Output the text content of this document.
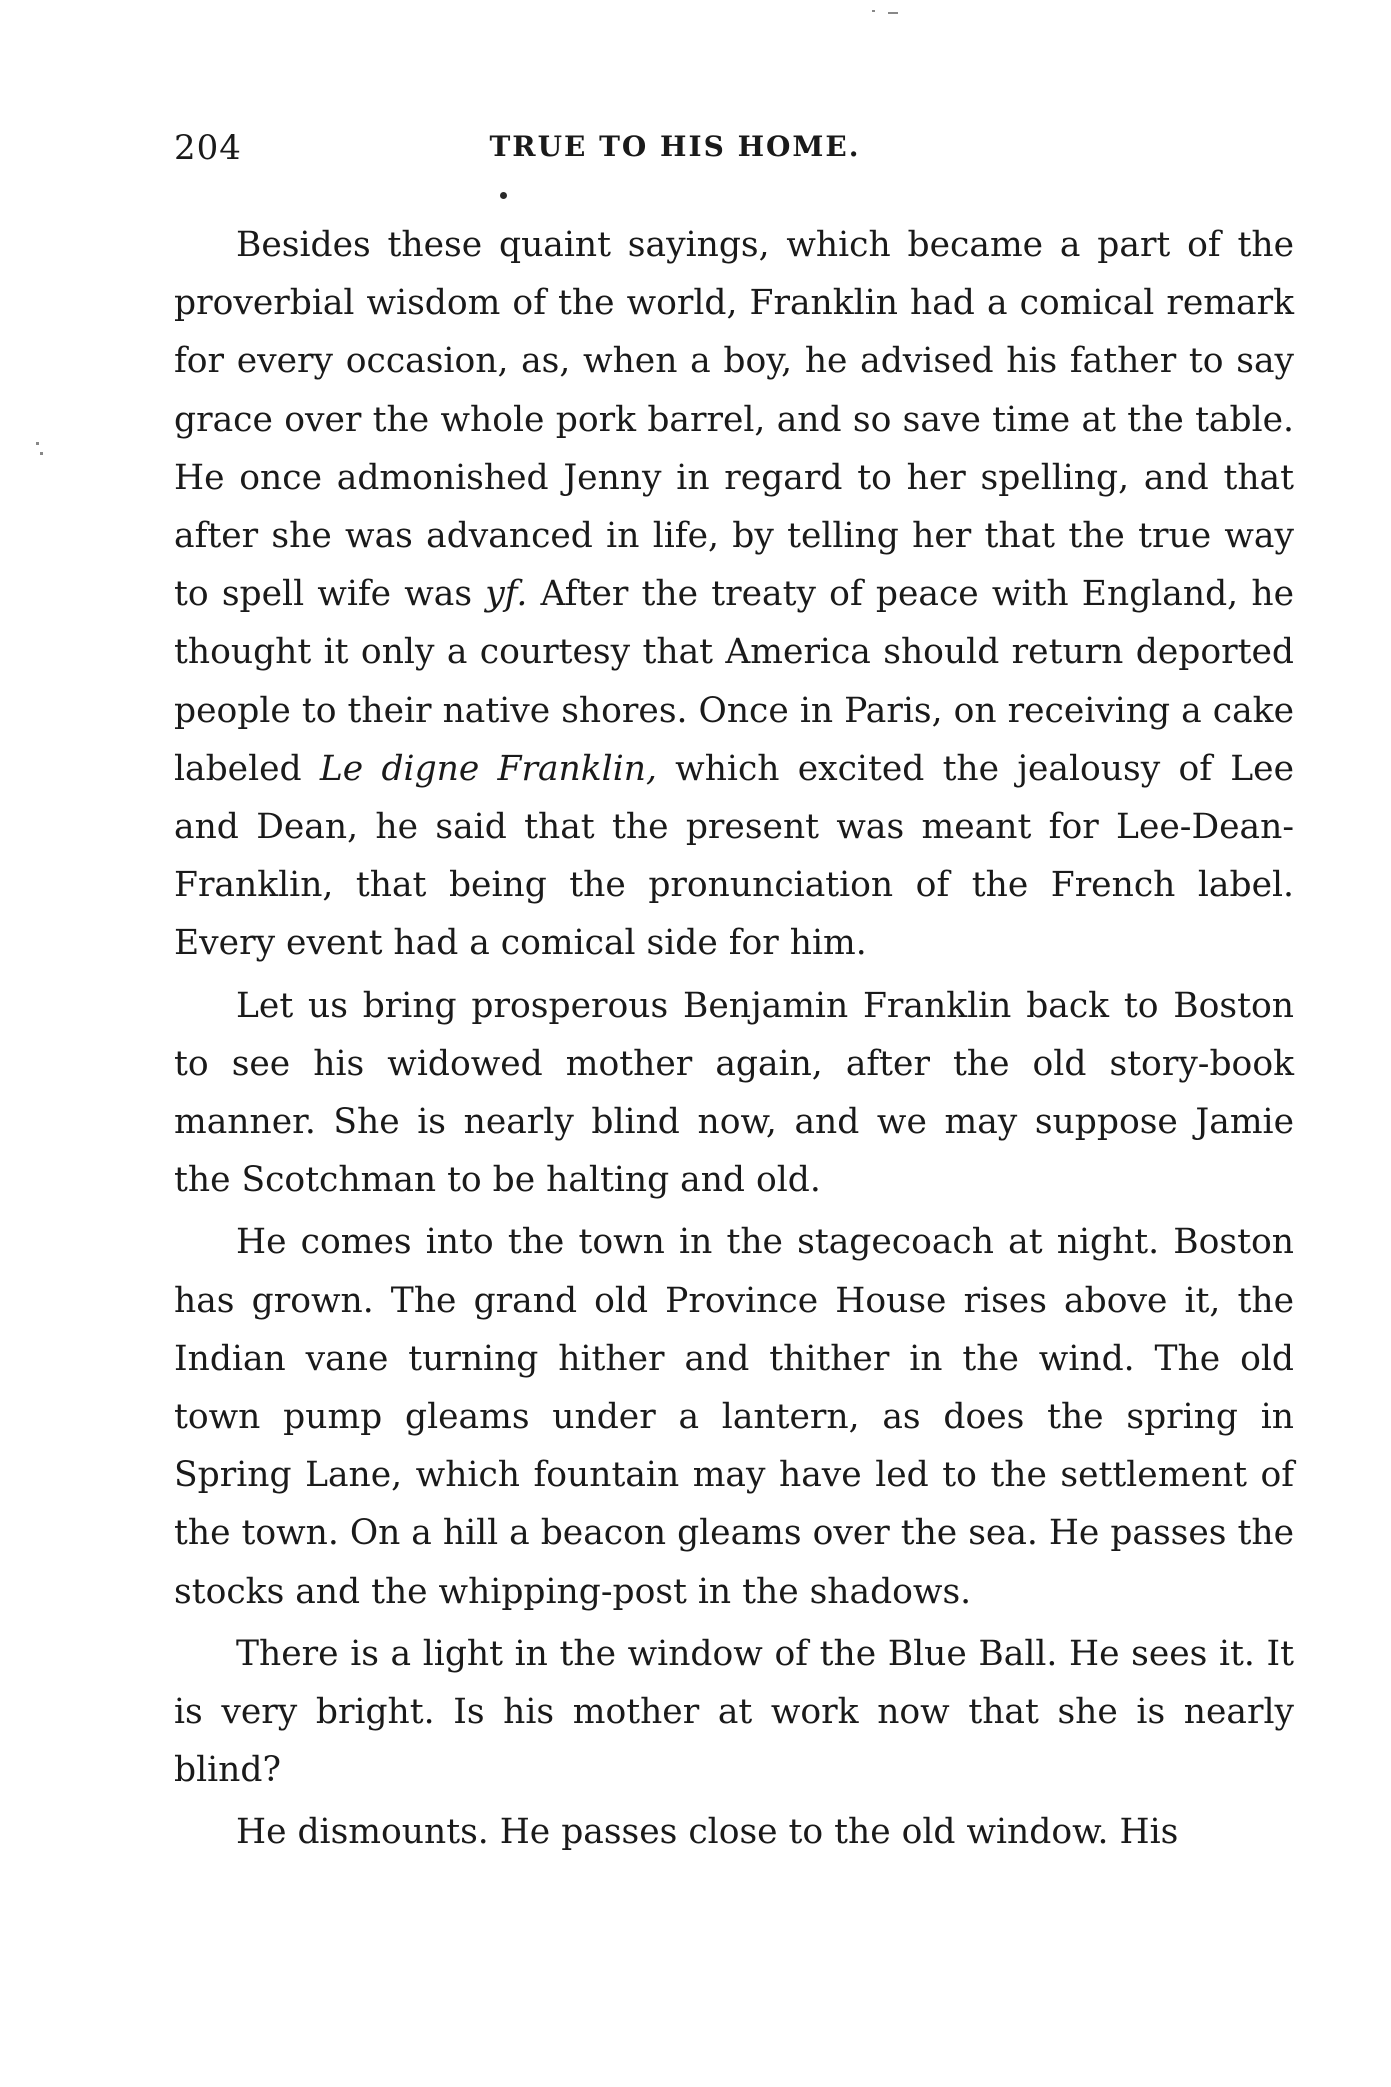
204	TRUE TO HIS HOME.

Besides these quaint sayings, which became a part of the proverbial wisdom of the world, Franklin had a comical remark for every occasion, as, when a boy, he advised his father to say grace over the whole pork barrel, and so save time at the table. He once admonished Jenny in regard to her spelling, and that after she was advanced in life, by telling her that the true way to spell wife was yf. After the treaty of peace with England, he thought it only a courtesy that America should return deported people to their native shores. Once in Paris, on receiving a cake labeled Le digne Franklin, which excited the jealousy of Lee and Dean, he said that the present was meant for Lee-Dean-Franklin, that being the pronunciation of the French label. Every event had a comical side for him.

Let us bring prosperous Benjamin Franklin back to Boston to see his widowed mother again, after the old story-book manner. She is nearly blind now, and we may suppose Jamie the Scotchman to be halting and old.

He comes into the town in the stagecoach at night. Boston has grown. The grand old Province House rises above it, the Indian vane turning hither and thither in the wind. The old town pump gleams under a lantern, as does the spring in Spring Lane, which fountain may have led to the settlement of the town. On a hill a beacon gleams over the sea. He passes the stocks and the whipping-post in the shadows.

There is a light in the window of the Blue Ball. He sees it. It is very bright. Is his mother at work now that she is nearly blind?

He dismounts. He passes close to the old window. His
